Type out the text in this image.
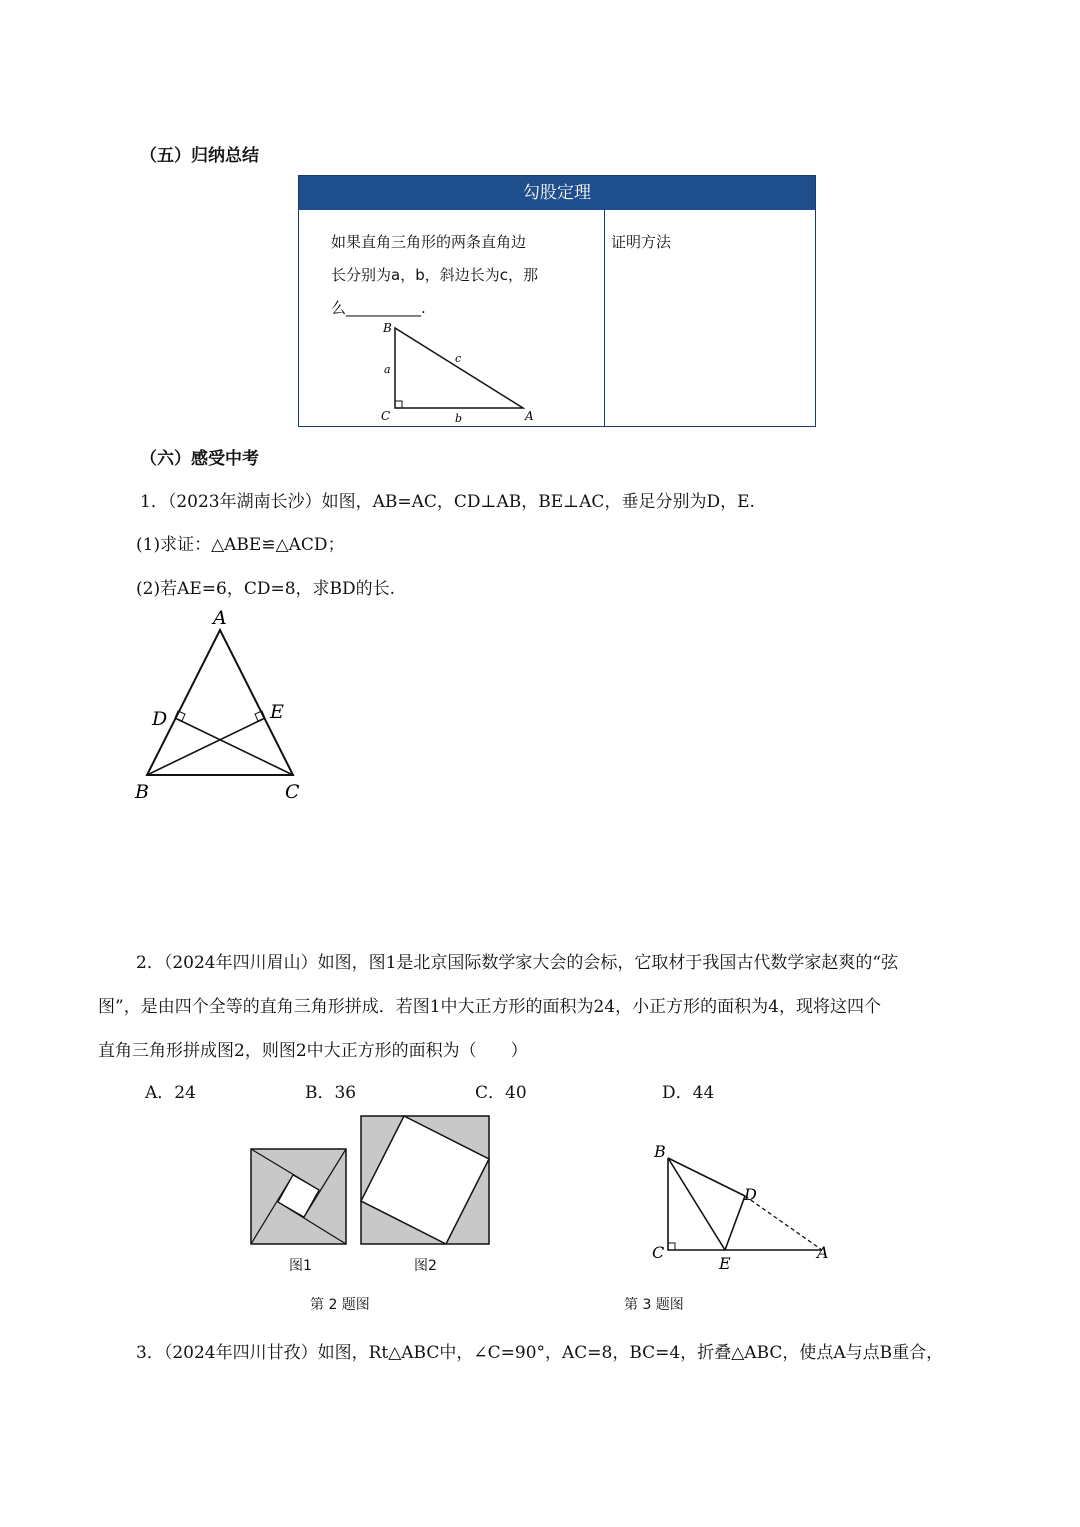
（五）归纳总结
勾股定理
如果直角三角形的两条直角边
长分别为a，b，斜边长为c，那
么__________.
证明方法
B
C	A
a
b
c
（六）感受中考
1．（2023年湖南长沙）如图，AB=AC，CD⊥AB，BE⊥AC，垂足分别为D，E.
(1)求证：△ABE≌△ACD；
(2)若AE=6，CD=8，求BD的长.
A
B	C
D	E
2．（2024年四川眉山）如图，图1是北京国际数学家大会的会标，它取材于我国古代数学家赵爽的“弦
图”，是由四个全等的直角三角形拼成．若图1中大正方形的面积为24，小正方形的面积为4，现将这四个
直角三角形拼成图2，则图2中大正方形的面积为（　　）
A．24	B．36	C．40	D．44
图1	图2
第 2 题图
B
D
C
E
A
第 3 题图
3．（2024年四川甘孜）如图，Rt△ABC中，∠C=90°，AC=8，BC=4，折叠△ABC，使点A与点B重合，
